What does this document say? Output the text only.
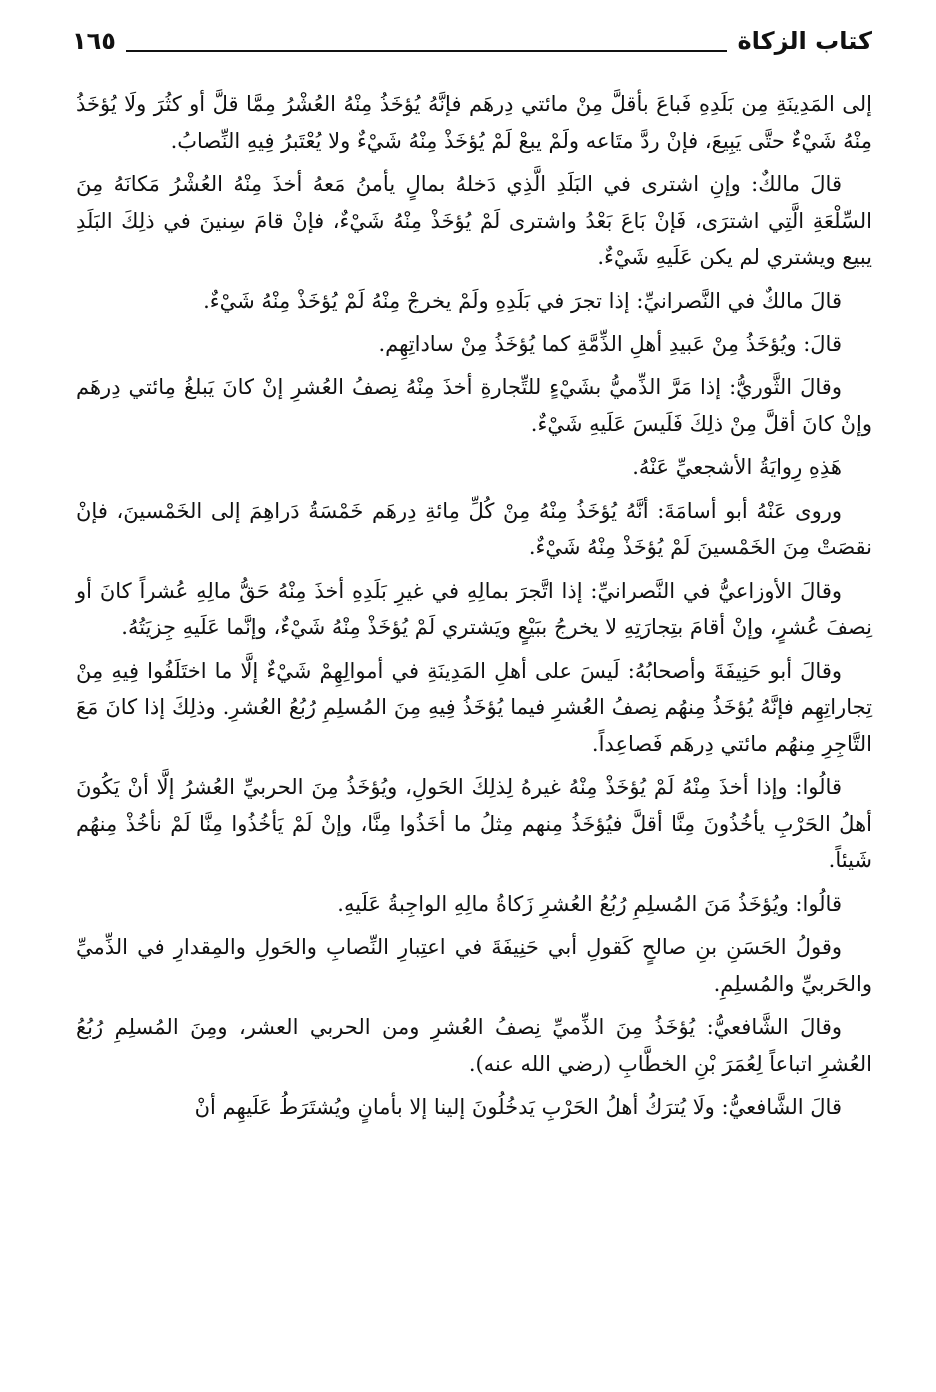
كتاب الزكاة
١٦٥

إلى المَدِينَةِ مِن بَلَدِهِ فَباعَ بأقلَّ مِنْ مائتي دِرهَم فإنَّهُ يُؤخَذُ مِنْهُ العُشْرُ مِمَّا قلَّ أو كثُرَ ولَا يُؤخَذُ مِنْهُ شَيْءٌ حتَّى يَبِيعَ، فإنْ ردَّ متَاعه ولَمْ يبعْ لَمْ يُؤخَذْ مِنْهُ شَيْءٌ ولا يُعْتَبرُ فِيهِ النِّصابُ.

قالَ مالكٌ: وإنِ اشترى في البَلَدِ الَّذِي دَخلهُ بمالٍ يأمنُ مَعهُ أخذَ مِنْهُ العُشْرُ مَكانَهُ مِنَ السِّلْعَةِ الَّتِي اشترَى، فَإنْ بَاعَ بَعْدُ واشترى لَمْ يُؤخَذْ مِنْهُ شَيْءٌ، فإنْ قامَ سِنينَ في ذلِكَ البَلَدِ يبيع ويشتري لم يكن عَلَيهِ شَيْءٌ.

قالَ مالكٌ في النَّصرانيِّ: إذا تجرَ في بَلَدِهِ ولَمْ يخرجْ مِنْهُ لَمْ يُؤخَذْ مِنْهُ شَيْءٌ.

قالَ: ويُؤخَذُ مِنْ عَبيدِ أهلِ الذِّمَّةِ كما يُؤخَذُ مِنْ ساداتِهِم.

وقالَ الثَّوريُّ: إذا مَرَّ الذِّميُّ بشَيْءٍ للتِّجارةِ أخذَ مِنْهُ نِصفُ العُشرِ إنْ كانَ يَبلغُ مِائتي دِرهَم وإنْ كانَ أقلَّ مِنْ ذلِكَ فَلَيسَ عَلَيهِ شَيْءٌ.

هَذِهِ رِوايَةُ الأشجعيِّ عَنْهُ.

وروى عَنْهُ أبو أسامَةَ: أنَّهُ يُؤخَذُ مِنْهُ مِنْ كُلِّ مِائةِ دِرهَم خَمْسَةُ دَراهِمَ إلى الخَمْسينَ، فإنْ نقصَتْ مِنَ الخَمْسينَ لَمْ يُؤخَذْ مِنْهُ شَيْءٌ.

وقالَ الأوزاعيُّ في النَّصرانيِّ: إذا اتَّجرَ بمالِهِ في غيرِ بَلَدِهِ أخذَ مِنْهُ حَقُّ مالِهِ عُشراً كانَ أو نِصفَ عُشرٍ، وإنْ أقامَ بتِجارَتِهِ لا يخرجُ ببَيْعٍ ويَشتري لَمْ يُؤخَذْ مِنْهُ شَيْءٌ، وإنَّما عَلَيهِ جِزيَتُهُ.

وقالَ أبو حَنِيفَةَ وأصحابُهُ: لَيسَ على أهلِ المَدِينَةِ في أموالِهِمْ شَيْءٌ إلَّا ما اختَلَفُوا فِيهِ مِنْ تِجاراتِهِم فإنَّهُ يُؤخَذُ مِنهُم نِصفُ العُشرِ فيما يُؤخَذُ فِيهِ مِنَ المُسلِمِ رُبُعُ العُشرِ. وذلِكَ إذا كانَ مَعَ التَّاجِرِ مِنهُم مائتي دِرهَم فَصاعِداً.

قالُوا: وإذا أخذَ مِنْهُ لَمْ يُؤخَذْ مِنْهُ غيرهُ لِذلِكَ الحَولِ، ويُؤخَذُ مِنَ الحربيِّ العُشرُ إلَّا أنْ يَكُونَ أهلُ الحَرْبِ يأخُذُونَ مِنَّا أقلَّ فيُؤخَذُ مِنهم مِثلُ ما أخَذُوا مِنَّا، وإنْ لَمْ يَأخُذُوا مِنَّا لَمْ نأخُذْ مِنهُم شَيئاً.

قالُوا: ويُؤخَذُ مَنَ المُسلِمِ رُبُعُ العُشرِ زَكاةُ مالِهِ الواجِبةُ عَلَيهِ.

وقولُ الحَسَنِ بنِ صالحٍ كَقولِ أبي حَنِيفَةَ في اعتِبارِ النِّصابِ والحَولِ والمِقدارِ في الذِّميِّ والحَربيِّ والمُسلِمِ.

وقالَ الشَّافعيُّ: يُؤخَذُ مِنَ الذِّميِّ نِصفُ العُشرِ ومن الحربي العشر، ومِنَ المُسلِمِ رُبُعُ العُشرِ اتباعاً لِعُمَرَ بْنِ الخطَّابِ (رضي الله عنه).

قالَ الشَّافعيُّ: ولَا يُترَكُ أهلُ الحَرْبِ يَدخُلُونَ إلينا إلا بأمانٍ ويُشتَرَطُ عَلَيهِم أنْ
